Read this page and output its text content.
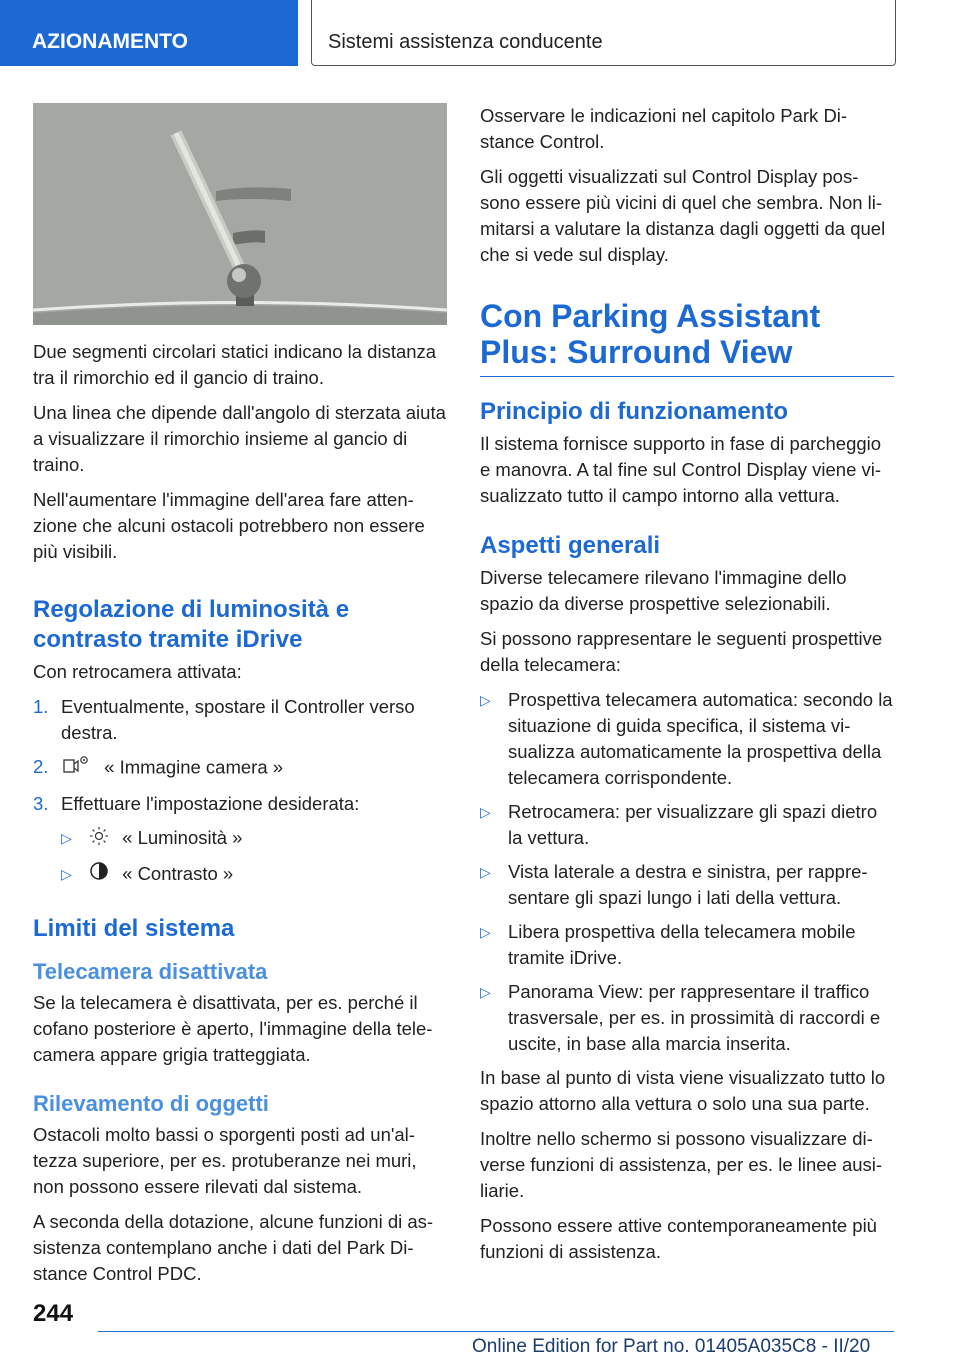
AZIONAMENTO	Sistemi assistenza conducente

Due segmenti circolari statici indicano la distanza tra il rimorchio ed il gancio di traino.

Una linea che dipende dall'angolo di sterzata aiuta a visualizzare il rimorchio insieme al gancio di traino.

Nell'aumentare l'immagine dell'area fare atten-zione che alcuni ostacoli potrebbero non essere più visibili.

Regolazione di luminosità e contrasto tramite iDrive

Con retrocamera attivata:

1. Eventualmente, spostare il Controller verso destra.
2.	« Immagine camera »
3. Effettuare l'impostazione desiderata:
▷	« Luminosità »
▷	« Contrasto »
Limiti del sistema
Telecamera disattivata

Se la telecamera è disattivata, per es. perché il cofano posteriore è aperto, l'immagine della tele-camera appare grigia tratteggiata.

Rilevamento di oggetti

Ostacoli molto bassi o sporgenti posti ad un'al-tezza superiore, per es. protuberanze nei muri, non possono essere rilevati dal sistema.

A seconda della dotazione, alcune funzioni di as-sistenza contemplano anche i dati del Park Di-stance Control PDC.

Osservare le indicazioni nel capitolo Park Di-stance Control.

Gli oggetti visualizzati sul Control Display pos-sono essere più vicini di quel che sembra. Non li-mitarsi a valutare la distanza dagli oggetti da quel che si vede sul display.

Con Parking Assistant Plus: Surround View
Principio di funzionamento

Il sistema fornisce supporto in fase di parcheggio e manovra. A tal fine sul Control Display viene vi-sualizzato tutto il campo intorno alla vettura.

Aspetti generali

Diverse telecamere rilevano l'immagine dello spazio da diverse prospettive selezionabili.

Si possono rappresentare le seguenti prospettive della telecamera:

▷ Prospettiva telecamera automatica: secondo la situazione di guida specifica, il sistema vi-sualizza automaticamente la prospettiva della telecamera corrispondente.
▷ Retrocamera: per visualizzare gli spazi dietro la vettura.
▷ Vista laterale a destra e sinistra, per rappre-sentare gli spazi lungo i lati della vettura.
▷ Libera prospettiva della telecamera mobile tramite iDrive.
▷ Panorama View: per rappresentare il traffico trasversale, per es. in prossimità di raccordi e uscite, in base alla marcia inserita.

In base al punto di vista viene visualizzato tutto lo spazio attorno alla vettura o solo una sua parte.

Inoltre nello schermo si possono visualizzare di-verse funzioni di assistenza, per es. le linee ausi-liarie.

Possono essere attive contemporaneamente più funzioni di assistenza.

244
Online Edition for Part no. 01405A035C8 - II/20
